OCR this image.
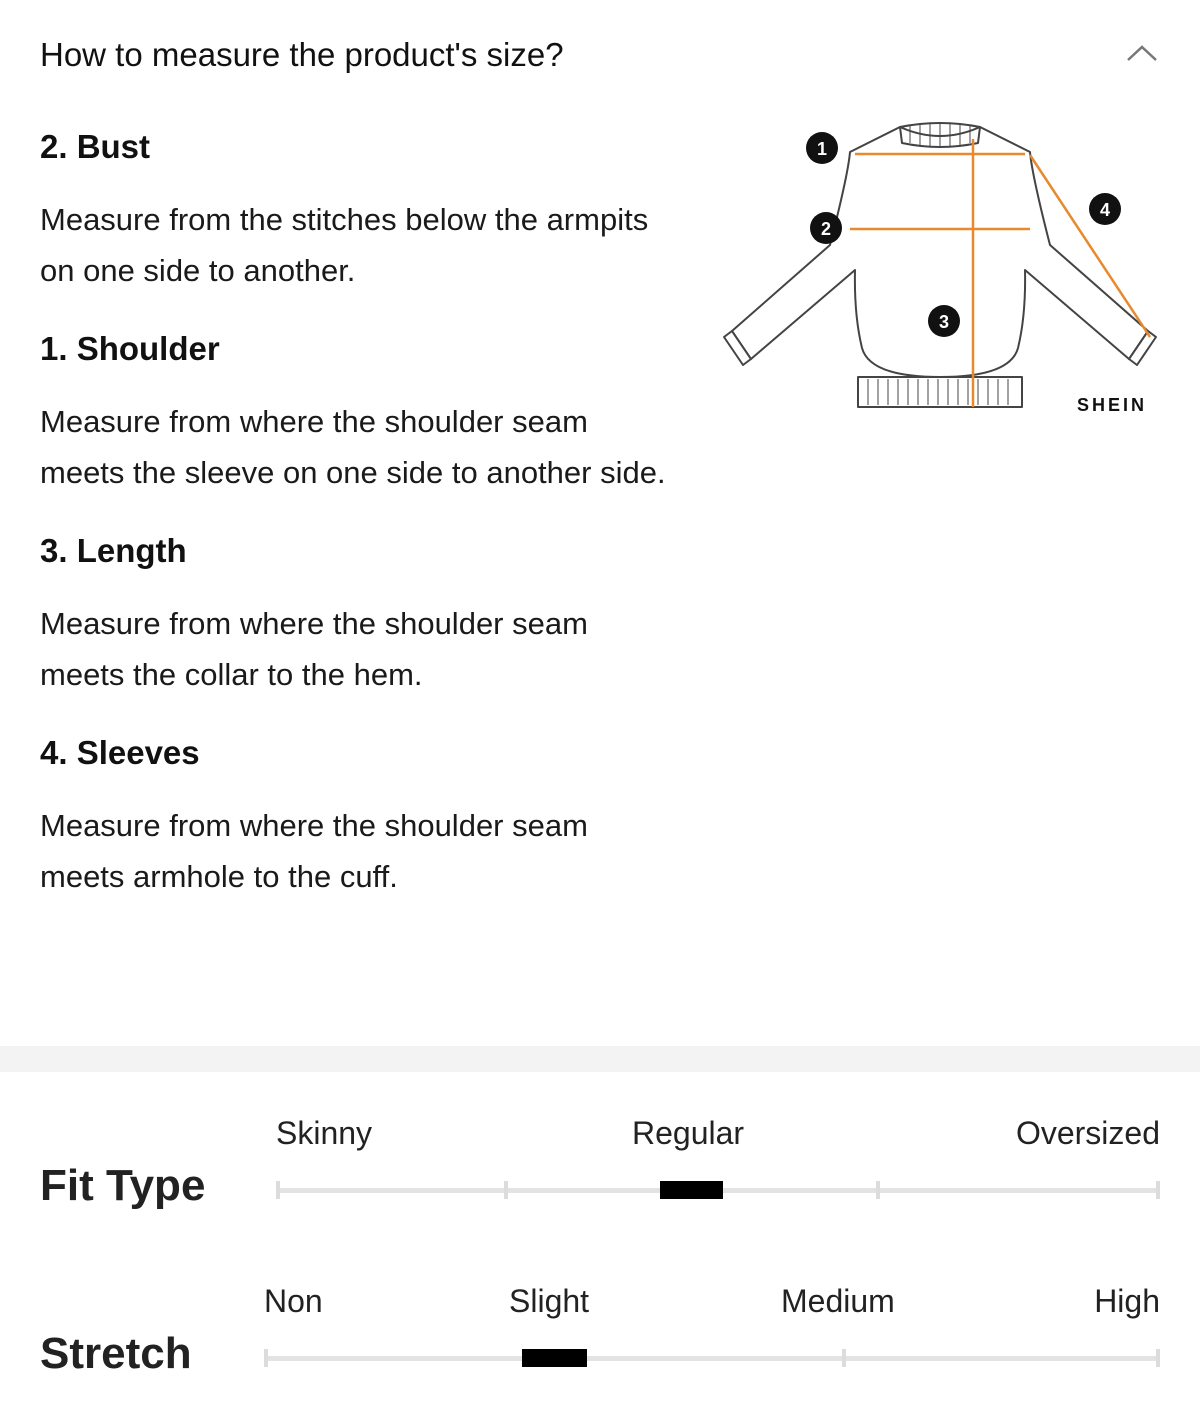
How to measure the product's size?
2. Bust
Measure from the stitches below the armpits on one side to another.
1. Shoulder
Measure from where the shoulder seam meets the sleeve on one side to another side.
3. Length
Measure from where the shoulder seam meets the collar to the hem.
4. Sleeves
Measure from where the shoulder seam meets armhole to the cuff.
1
2
3
4
SHEIN
Fit Type
Skinny	Regular	Oversized
Stretch
Non	Slight	Medium	High
